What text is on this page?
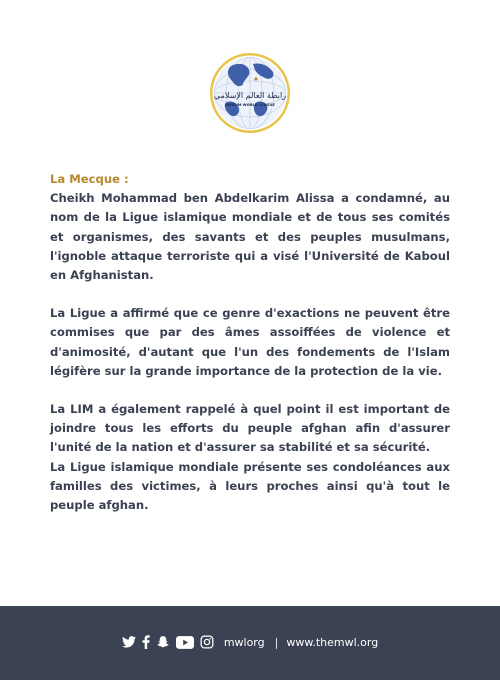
رابطة العالم الإسلامي
MUSLIM WORLD LEAGUE

La Mecque :

Cheikh Mohammad ben Abdelkarim Alissa a condamné, au nom de la Ligue islamique mondiale et de tous ses comités et organismes, des savants et des peuples musulmans, l'ignoble attaque terroriste qui a visé l'Université de Kaboul en Afghanistan.

La Ligue a affirmé que ce genre d'exactions ne peuvent être commises que par des âmes assoiffées de violence et d'animosité, d'autant que l'un des fondements de l'Islam légifère sur la grande importance de la protection de la vie.

La LIM a également rappelé à quel point il est important de joindre tous les efforts du peuple afghan afin d'assurer l'unité de la nation et d'assurer sa stabilité et sa sécurité.

La Ligue islamique mondiale présente ses condoléances aux familles des victimes, à leurs proches ainsi qu'à tout le peuple afghan.

mwlorg | www.themwl.org
